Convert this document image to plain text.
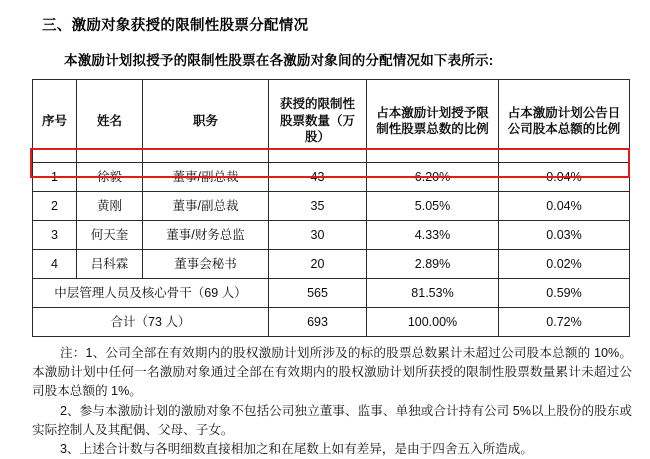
三、激励对象获授的限制性股票分配情况
本激励计划拟授予的限制性股票在各激励对象间的分配情况如下表所示:
序号	姓名	职务	获授的限制性股票数量（万股）	占本激励计划授予限制性股票总数的比例	占本激励计划公告日公司股本总额的比例
1	徐毅	董事/副总裁	43	6.20%	0.04%
2	黄刚	董事/副总裁	35	5.05%	0.04%
3	何天奎	董事/财务总监	30	4.33%	0.03%
4	吕科霖	董事会秘书	20	2.89%	0.02%
中层管理人员及核心骨干（69 人）			565	81.53%	0.59%
合计（73 人）			693	100.00%	0.72%

注：1、公司全部在有效期内的股权激励计划所涉及的标的股票总数累计未超过公司股本总额的 10%。本激励计划中任何一名激励对象通过全部在有效期内的股权激励计划所获授的限制性股票数量累计未超过公司股本总额的 1%。

2、参与本激励计划的激励对象不包括公司独立董事、监事、单独或合计持有公司 5%以上股份的股东或实际控制人及其配偶、父母、子女。

3、上述合计数与各明细数直接相加之和在尾数上如有差异，是由于四舍五入所造成。
